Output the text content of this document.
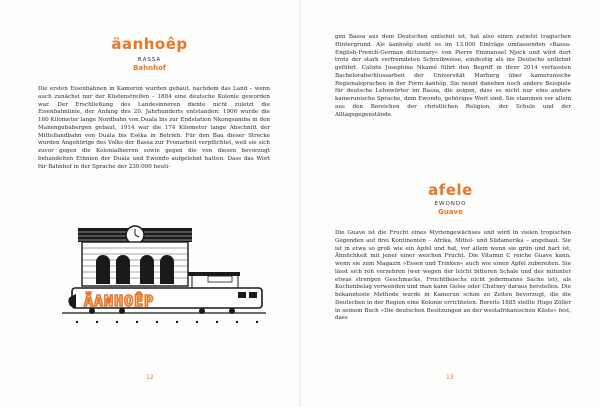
äanhoêp
BASSA
Bahnhof

Die ersten Eisenbahnen in Kamerun wurden gebaut, nachdem das Land – wenn auch zunächst nur der Küstenstreifen – 1884 eine deutsche Kolonie geworden war. Der Erschließung des Landesinneren diente nicht zuletzt die Eisenbahnlinie, der Anfang des 20. Jahrhunderts entstanden: 1906 wurde die 160 Kilometer lange Nordbahn von Duala bis zur Endstation Nkongsamba in den Manengubabergen gebaut, 1914 war die 174 Kilometer lange Abschnitt der Mittellandbahn von Duala bis Eséka in Betrieb. Für den Bau dieser Strecke wurden Angehörige des Volks der Bassa zur Fronarbeit verpflichtet, weil sie sich zuvor gegen die Kolonialherren sowie gegen die von diesen bevorzugt behandelten Ethnien der Duala und Ewondo aufgelehnt hatten. Dass das Wort für Bahnhof in der Sprache der 230.000 heuti-

ÄANHOÊP
12

gen Bassa aus dem Deutschen entlehnt ist, hat also einen zutiefst tragischen Hintergrund. Als äanhoêp steht es im 13.000 Einträge umfassenden »Bassa-English-French-German dictionary« von Pierre Emmanuel Njock und wird dort trotz der stark verfremdeten Schreibweise, eindeutig als ins Deutsche entlehnt geführt. Calixte Josephine Nkamé führt den Begriff in ihrer 2014 verfassten Bachelorabschlussarbeit der Universität Marburg über kamerunische Regionalsprachen in der Form äanhóp. Sie nennt daneben noch andere Beispiele für deutsche Lehnwörter im Bassa, die zeigen, dass es nicht nur eine andere kamerunische Sprache, dem Ewondo, gehöriges Wort sind. Sie stammen vor allem aus den Bereichen der christlichen Religion, der Schule und der Alltagsgegenstände.

afele
EWONDO
Guave

Die Guave ist die Frucht eines Myrtengewächses und wird in vielen tropischen Gegenden auf drei Kontinenten – Afrika, Mittel- und Südamerika – angebaut. Sie ist in etwa so groß wie ein Apfel und hat, vor allem wenn sie grün und hart ist, Ähnlichkeit mit jener einer weichen Frucht. Die Vitamin C reiche Guave kann, wenn sie zum Magazin »Essen und Trinken« auch wie einen Apfel zubereiten. Sie lässt sich roh verzehren (wer wegen der leicht bitteren Schale und des mitunter etwas strengen Geschmacks, Fruchtfleischs nicht jedermanns Sache ist), als Kuchenbelag verwenden und man kann Gelee oder Chutney daraus herstellen. Die bekannteste Methode wurde in Kamerun schon zu Zeiten bevorzugt, die die Deutschen in der Region eine Kolonie errichteten. Bereits 1885 stellte Hugo Zöller in seinem Buch »Die deutschen Besitzungen an der westafrikanischen Küste« fest, dass

13
